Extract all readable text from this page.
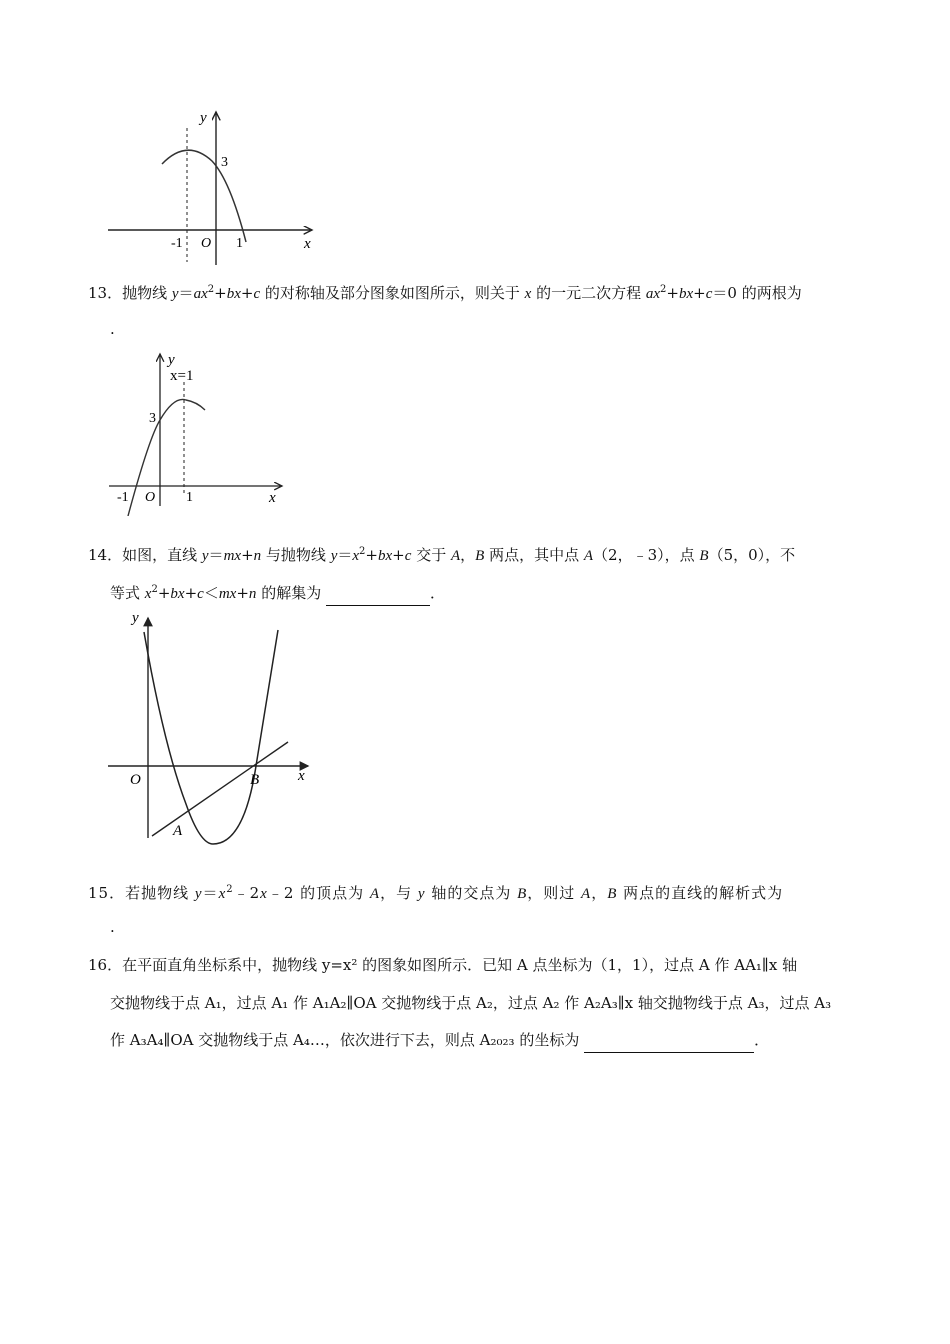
y
x
3
-1 O 1
13．抛物线 $y=ax^2+bx+c$ 的对称轴及部分图象如图所示，则关于 x 的一元二次方程 $ax^2+bx+c=0$ 的两根为
.
y
x=1
x
3
-1 O 1
14．如图，直线 y＝mx+n 与抛物线 $y=x^2+bx+c$ 交于 A，B 两点，其中点 A（2，﹣3），点 B（5，0），不
等式 $x^2+bx+c<mx+n$ 的解集为	．
y
x
O	B
A
15．若抛物线 $y=x^2﹣2x﹣2$ 的顶点为 A，与 y 轴的交点为 B，则过 A，B 两点的直线的解析式为
.
16．在平面直角坐标系中，抛物线 y=x² 的图象如图所示．已知 A 点坐标为（1，1），过点 A 作 AA₁∥x 轴
交抛物线于点 A₁，过点 A₁ 作 A₁A₂∥OA 交抛物线于点 A₂，过点 A₂ 作 A₂A₃∥x 轴交抛物线于点 A₃，过点 A₃
作 A₃A₄∥OA 交抛物线于点 A₄…，依次进行下去，则点 A₂₀₂₃ 的坐标为	．
